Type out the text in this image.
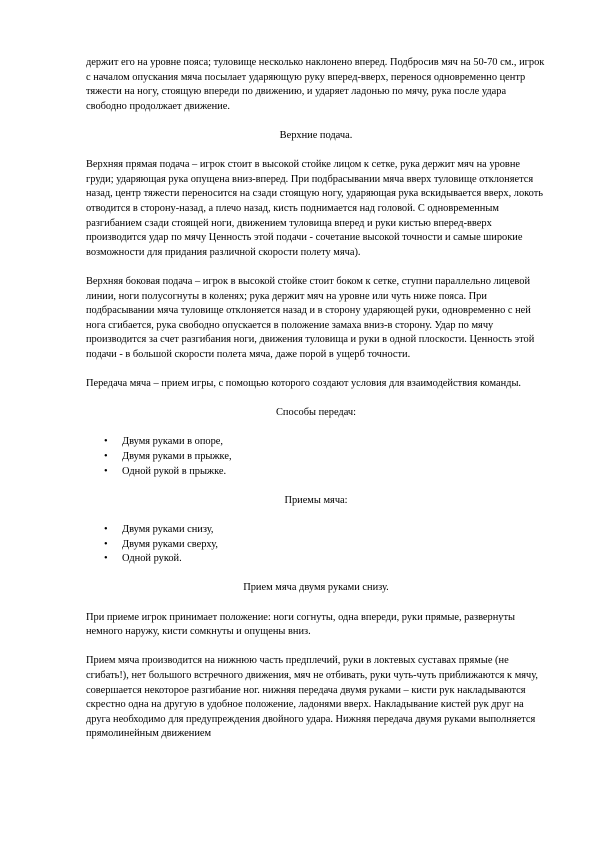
держит его на уровне пояса; туловище несколько наклонено вперед. Подбросив мяч на 50-70 см., игрок с началом опускания мяча посылает ударяющую руку вперед-вверх, перенося одновременно центр тяжести на ногу, стоящую впереди по движению, и ударяет ладонью по мячу, рука после удара свободно продолжает движение.

Верхние подача.

Верхняя прямая подача – игрок стоит в высокой стойке лицом к сетке, рука держит мяч на уровне груди; ударяющая рука опущена вниз-вперед. При подбрасывании мяча вверх туловище отклоняется назад, центр тяжести переносится на сзади стоящую ногу, ударяющая рука вскидывается вверх, локоть отводится в сторону-назад, а плечо назад, кисть поднимается над головой. С одновременным разгибанием сзади стоящей ноги, движением туловища вперед и руки кистью вперед-вверх производится удар по мячу Ценность этой подачи - сочетание высокой точности и самые широкие возможности для придания различной скорости полету мяча).

Верхняя боковая подача – игрок в высокой стойке стоит боком к сетке, ступни параллельно лицевой линии, ноги полусогнуты в коленях; рука держит мяч на уровне или чуть ниже пояса. При подбрасывании мяча туловище отклоняется назад и в сторону ударяющей руки, одновременно с ней нога сгибается, рука свободно опускается в положение замаха вниз-в сторону. Удар по мячу производится за счет разгибания ноги, движения туловища и руки в одной плоскости. Ценность этой подачи - в большой скорости полета мяча, даже порой в ущерб точности.

Передача мяча – прием игры, с помощью которого создают условия для взаимодействия команды.

Способы передач:
• Двумя руками в опоре,
• Двумя руками в прыжке,
• Одной рукой в прыжке.
Приемы мяча:
• Двумя руками снизу,
• Двумя руками сверху,
• Одной рукой.
Прием мяча двумя руками снизу.

При приеме игрок принимает положение: ноги согнуты, одна впереди, руки прямые, развернуты немного наружу, кисти сомкнуты и опущены вниз.

Прием мяча производится на нижнюю часть предплечий, руки в локтевых суставах прямые (не сгибать!), нет большого встречного движения, мяч не отбивать, руки чуть-чуть приближаются к мячу, совершается некоторое разгибание ног. нижняя передача двумя руками – кисти рук накладываются скрестно одна на другую в удобное положение, ладонями вверх. Накладывание кистей рук друг на друга необходимо для предупреждения двойного удара. Нижняя передача двумя руками выполняется прямолинейным движением
